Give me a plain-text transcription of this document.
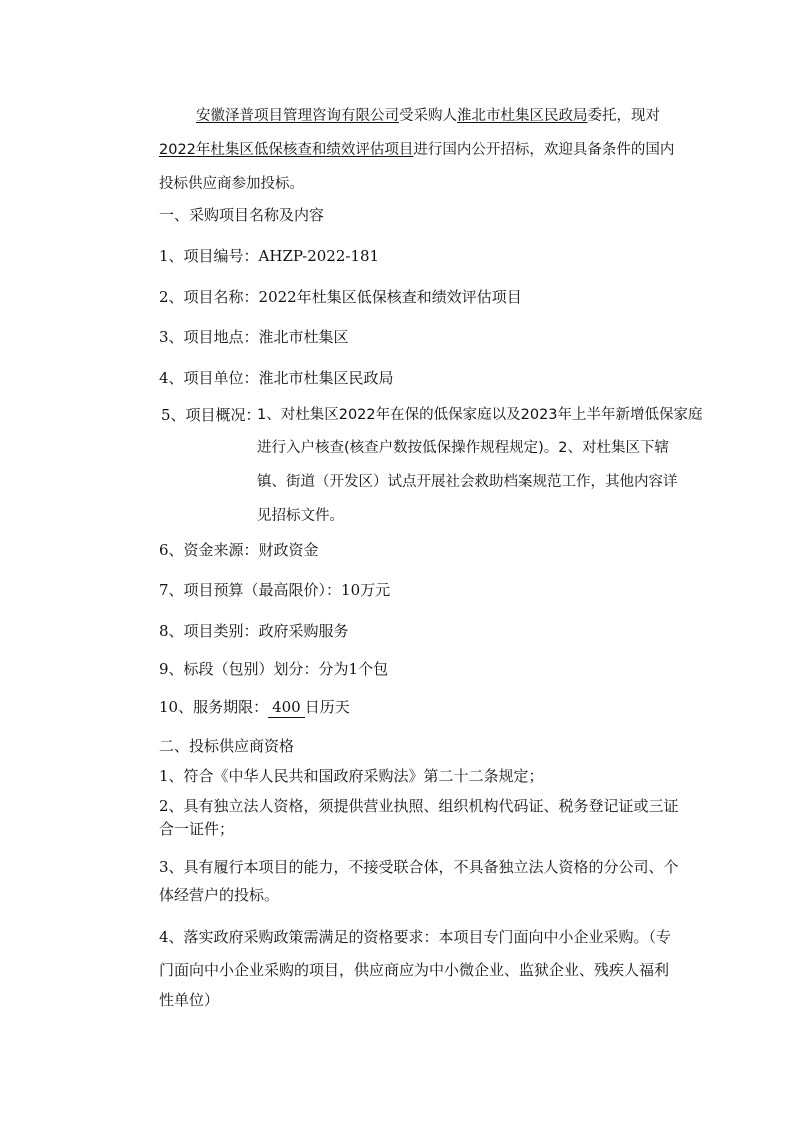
安徽泽普项目管理咨询有限公司受采购人淮北市杜集区民政局委托，现对
2022年杜集区低保核查和绩效评估项目进行国内公开招标，欢迎具备条件的国内
投标供应商参加投标。
一、采购项目名称及内容
1、项目编号：AHZP-2022-181
2、项目名称：2022年杜集区低保核查和绩效评估项目
3、项目地点：淮北市杜集区
4、项目单位：淮北市杜集区民政局
5、项目概况：
1、对杜集区2022年在保的低保家庭以及2023年上半年新增低保家庭
进行入户核查(核查户数按低保操作规程规定)。2、对杜集区下辖
镇、街道（开发区）试点开展社会救助档案规范工作，其他内容详
见招标文件。
6、资金来源：财政资金
7、项目预算（最高限价）：10万元
8、项目类别：政府采购服务
9、标段（包别）划分：分为1个包
10、服务期限： 400 日历天
二、投标供应商资格
1、符合《中华人民共和国政府采购法》第二十二条规定；
2、具有独立法人资格，须提供营业执照、组织机构代码证、税务登记证或三证
合一证件；
3、具有履行本项目的能力，不接受联合体，不具备独立法人资格的分公司、个
体经营户的投标。
4、落实政府采购政策需满足的资格要求：本项目专门面向中小企业采购。（专
门面向中小企业采购的项目，供应商应为中小微企业、监狱企业、残疾人福利
性单位）
